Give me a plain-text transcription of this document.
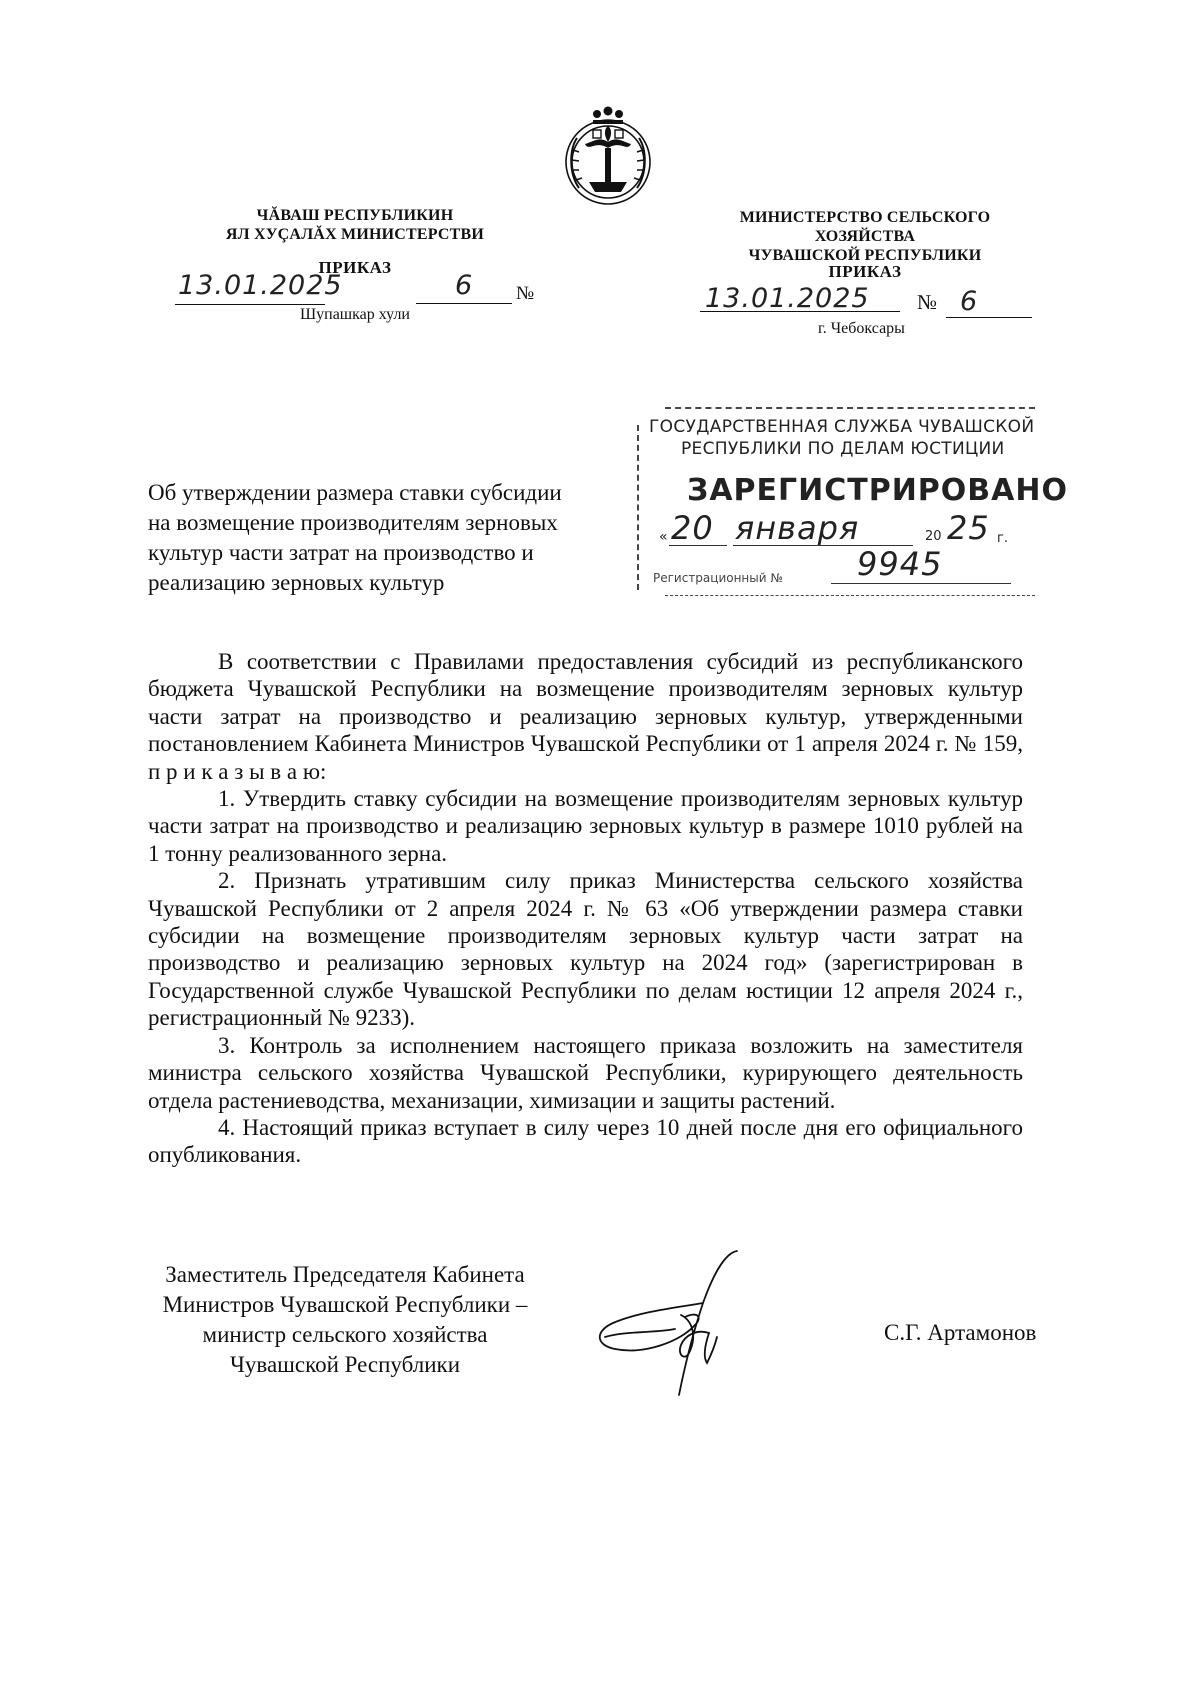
ЧĂВАШ РЕСПУБЛИКИН
ЯЛ ХУÇАЛĂХ МИНИСТЕРСТВИ
ПРИКАЗ
13.01.2025	6 №
Шупашкар хули
МИНИСТЕРСТВО СЕЛЬСКОГО ХОЗЯЙСТВА
ЧУВАШСКОЙ РЕСПУБЛИКИ
ПРИКАЗ
13.01.2025 № 6
г. Чебоксары
ГОСУДАРСТВЕННАЯ СЛУЖБА ЧУВАШСКОЙ
РЕСПУБЛИКИ ПО ДЕЛАМ ЮСТИЦИИ
ЗАРЕГИСТРИРОВАНО
« 20 января	20 25 г.
Регистрационный № 9945
Об утверждении размера ставки субсидии
на возмещение производителям зерновых
культур части затрат на производство и
реализацию зерновых культур

В соответствии с Правилами предоставления субсидий из республиканского бюджета Чувашской Республики на возмещение производителям зерновых культур части затрат на производство и реализацию зерновых культур, утвержденными постановлением Кабинета Министров Чувашской Республики от 1 апреля 2024 г. № 159, п р и к а з ы в а ю:

1. Утвердить ставку субсидии на возмещение производителям зерновых культур части затрат на производство и реализацию зерновых культур в размере 1010 рублей на 1 тонну реализованного зерна.

2. Признать утратившим силу приказ Министерства сельского хозяйства Чувашской Республики от 2 апреля 2024 г. № 63 «Об утверждении размера ставки субсидии на возмещение производителям зерновых культур части затрат на производство и реализацию зерновых культур на 2024 год» (зарегистрирован в Государственной службе Чувашской Республики по делам юстиции 12 апреля 2024 г., регистрационный № 9233).

3. Контроль за исполнением настоящего приказа возложить на заместителя министра сельского хозяйства Чувашской Республики, курирующего деятельность отдела растениеводства, механизации, химизации и защиты растений.

4. Настоящий приказ вступает в силу через 10 дней после дня его официального опубликования.

Заместитель Председателя Кабинета
Министров Чувашской Республики –
министр сельского хозяйства
Чувашской Республики
С.Г. Артамонов
